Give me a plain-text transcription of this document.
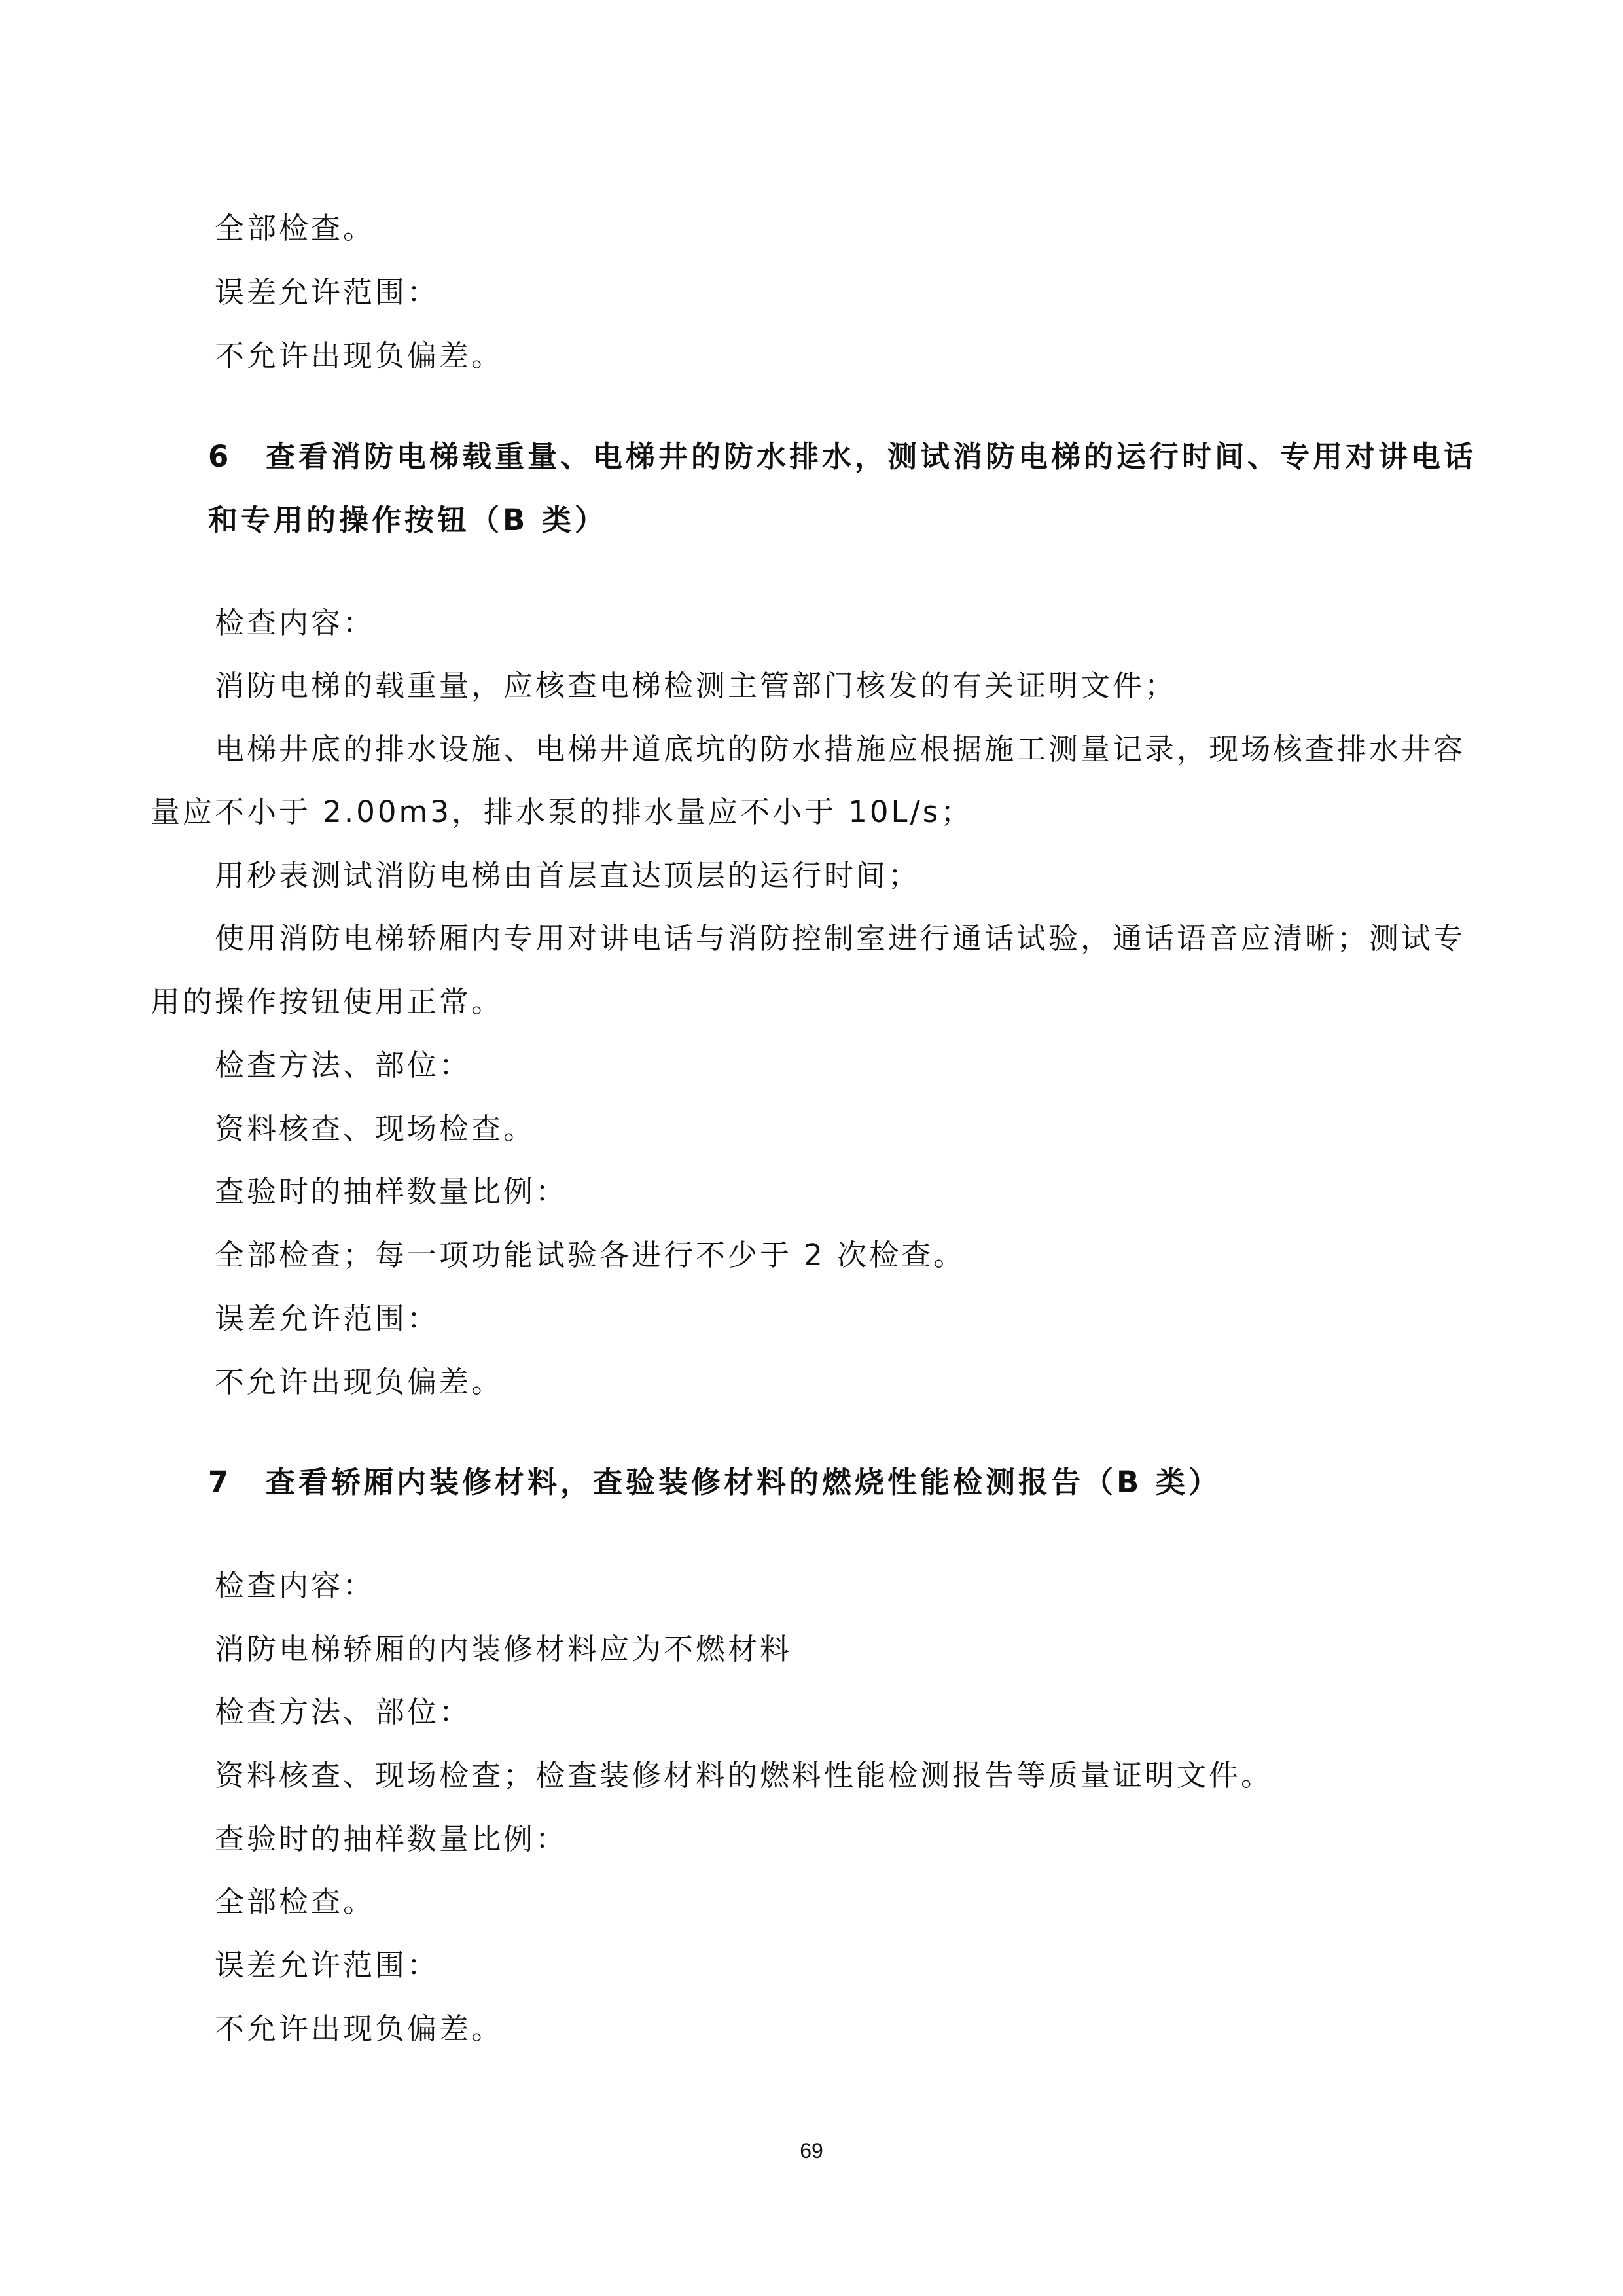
全部检查。
误差允许范围：
不允许出现负偏差。
6 查看消防电梯载重量、电梯井的防水排水，测试消防电梯的运行时间、专用对讲电话
和专用的操作按钮（B 类）
检查内容：
消防电梯的载重量，应核查电梯检测主管部门核发的有关证明文件；
电梯井底的排水设施、电梯井道底坑的防水措施应根据施工测量记录，现场核查排水井容
量应不小于 2.00m3，排水泵的排水量应不小于 10L/s；
用秒表测试消防电梯由首层直达顶层的运行时间；
使用消防电梯轿厢内专用对讲电话与消防控制室进行通话试验，通话语音应清晰；测试专
用的操作按钮使用正常。
检查方法、部位：
资料核查、现场检查。
查验时的抽样数量比例：
全部检查；每一项功能试验各进行不少于 2 次检查。
误差允许范围：
不允许出现负偏差。
7 查看轿厢内装修材料，查验装修材料的燃烧性能检测报告（B 类）
检查内容：
消防电梯轿厢的内装修材料应为不燃材料
检查方法、部位：
资料核查、现场检查；检查装修材料的燃料性能检测报告等质量证明文件。
查验时的抽样数量比例：
全部检查。
误差允许范围：
不允许出现负偏差。
69
